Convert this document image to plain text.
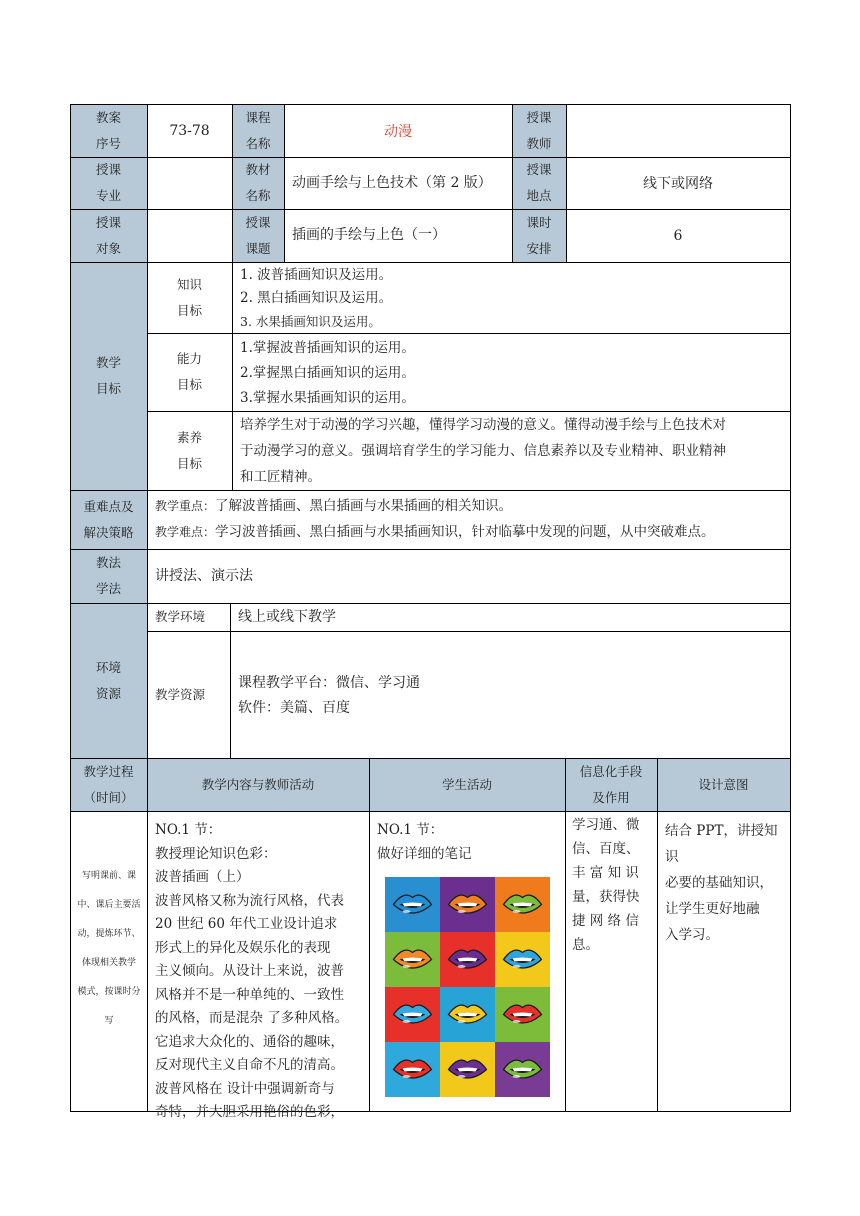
教案
序号
73-78
课程
名称
动漫
授课
教师
授课
专业
教材
名称
动画手绘与上色技术（第 2 版）
授课
地点
线下或网络
授课
对象
授课
课题
插画的手绘与上色（一）
课时
安排
6
教学
目标
知识
目标
1. 波普插画知识及运用。
2. 黑白插画知识及运用。
3. 水果插画知识及运用。
能力
目标
1.掌握波普插画知识的运用。
2.掌握黑白插画知识的运用。
3.掌握水果插画知识的运用。
素养
目标
培养学生对于动漫的学习兴趣，懂得学习动漫的意义。懂得动漫手绘与上色技术对
于动漫学习的意义。强调培育学生的学习能力、信息素养以及专业精神、职业精神
和工匠精神。
重难点及
解决策略
教学重点：了解波普插画、黑白插画与水果插画的相关知识。
教学难点：学习波普插画、黑白插画与水果插画知识，针对临摹中发现的问题，从中突破难点。
教法
学法
讲授法、演示法
环境
资源
教学环境	线上或线下教学
教学资源
课程教学平台：微信、学习通
软件：美篇、百度
教学过程
（时间）
教学内容与教师活动	学生活动
信息化手段
及作用
设计意图
写明课前、课
中、课后主要活
动，提炼环节、
体现相关教学
模式，按课时分
写
NO.1 节：
教授理论知识色彩：
波普插画（上）
波普风格又称为流行风格，代表
20 世纪 60 年代工业设计追求
形式上的异化及娱乐化的表现
主义倾向。从设计上来说，波普
风格并不是一种单纯的、一致性
的风格，而是混杂 了多种风格。
它追求大众化的、通俗的趣味，
反对现代主义自命不凡的清高。
波普风格在 设计中强调新奇与
奇特，并大胆采用艳俗的色彩，
NO.1 节：
做好详细的笔记
学习通、微
信、百度、
丰 富 知 识
量，获得快
捷 网 络 信
息。
结合 PPT，讲授知
识
必要的基础知识，
让学生更好地融
入学习。
